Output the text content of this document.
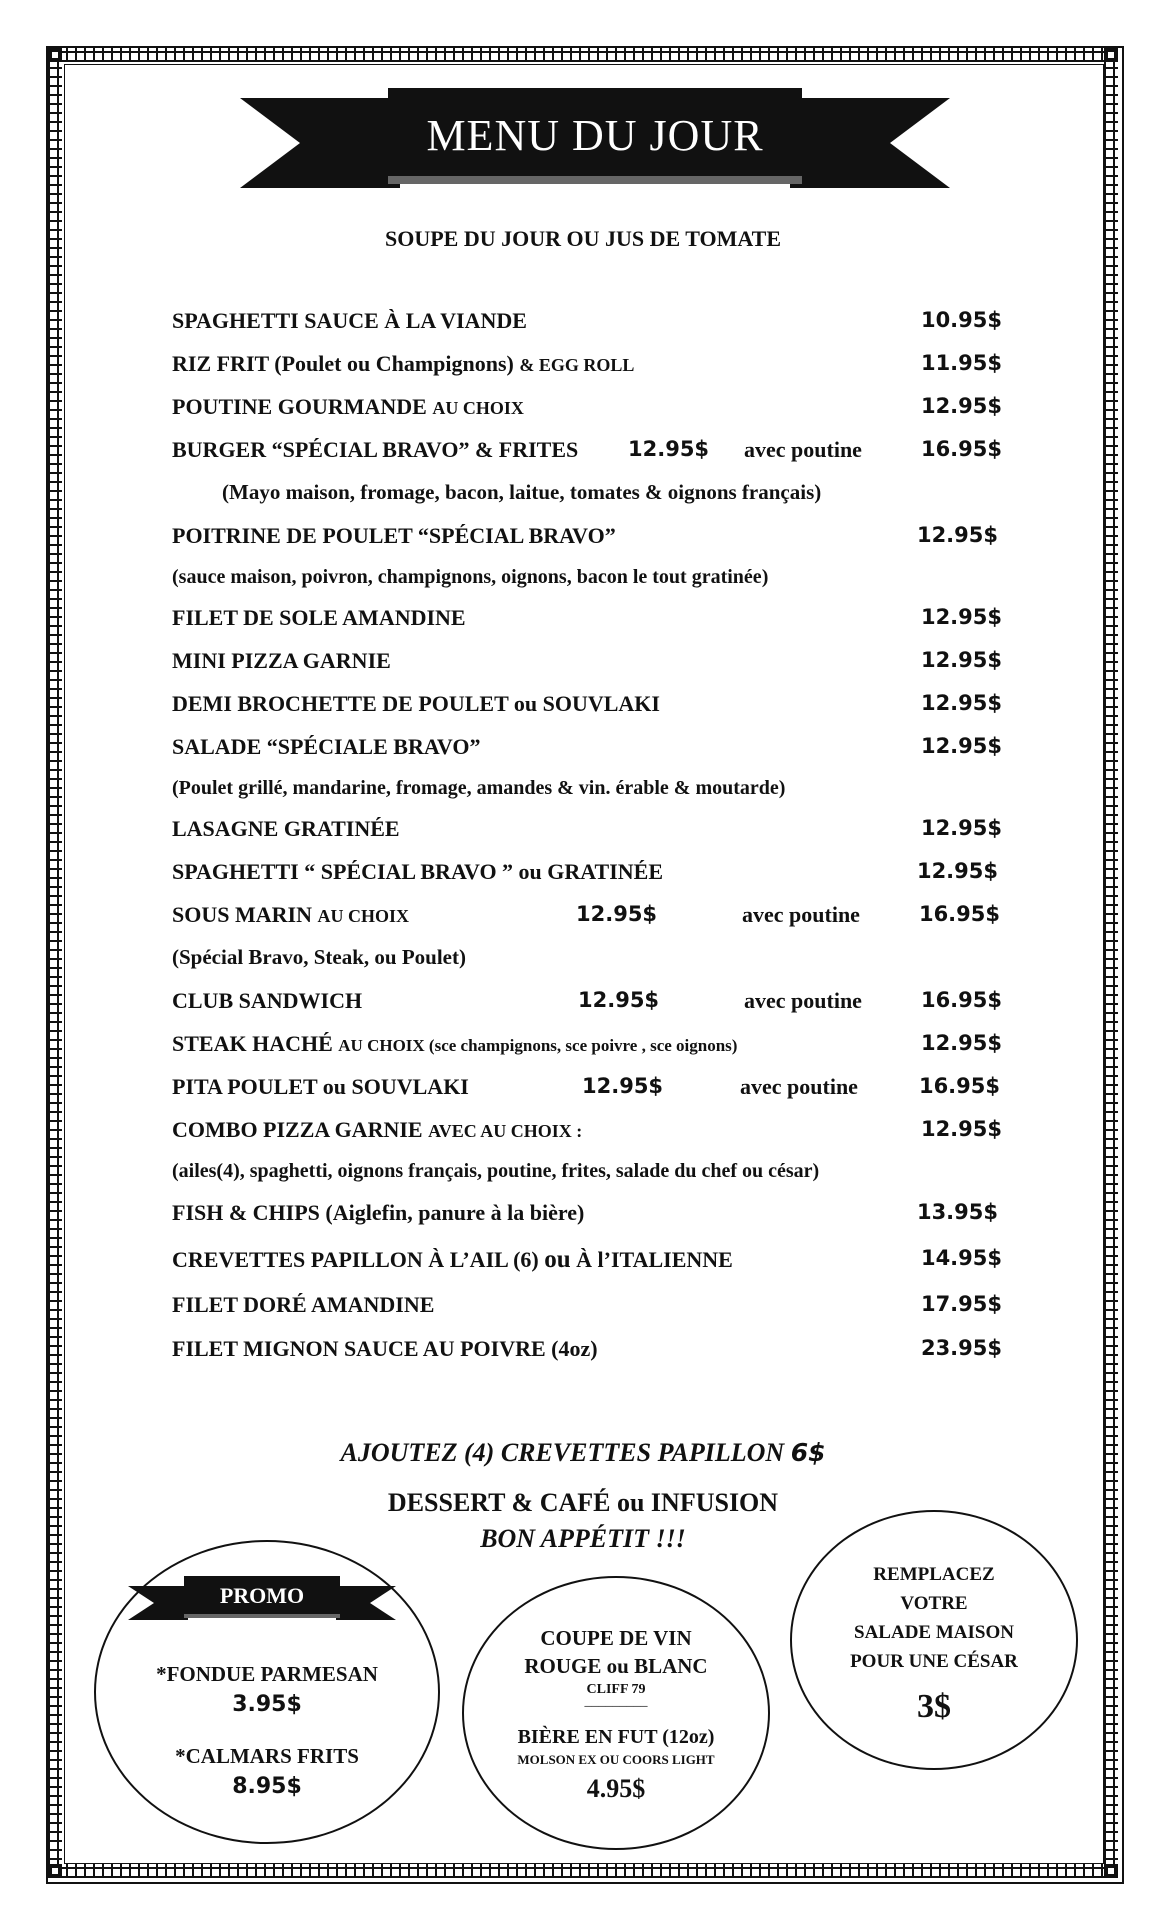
MENU DU JOUR
SOUPE DU JOUR OU JUS DE TOMATE
SPAGHETTI SAUCE À LA VIANDE	10.95$
RIZ FRIT (Poulet ou Champignons) & EGG ROLL	11.95$
POUTINE GOURMANDE AU CHOIX	12.95$
BURGER “SPÉCIAL BRAVO” & FRITES 12.95$ avec poutine	16.95$
(Mayo maison, fromage, bacon, laitue, tomates & oignons français)
POITRINE DE POULET “SPÉCIAL BRAVO”	12.95$
(sauce maison, poivron, champignons, oignons, bacon le tout gratinée)
FILET DE SOLE AMANDINE	12.95$
MINI PIZZA GARNIE	12.95$
DEMI BROCHETTE DE POULET ou SOUVLAKI	12.95$
SALADE “SPÉCIALE BRAVO”	12.95$
(Poulet grillé, mandarine, fromage, amandes & vin. érable & moutarde)
LASAGNE GRATINÉE	12.95$
SPAGHETTI “ SPÉCIAL BRAVO ” ou GRATINÉE	12.95$
SOUS MARIN AU CHOIX	12.95$	avec poutine	16.95$
(Spécial Bravo, Steak, ou Poulet)
CLUB SANDWICH	12.95$	avec poutine	16.95$
STEAK HACHÉ AU CHOIX (sce champignons, sce poivre , sce oignons)	12.95$
PITA POULET ou SOUVLAKI	12.95$	avec poutine	16.95$
COMBO PIZZA GARNIE AVEC AU CHOIX :	12.95$
(ailes(4), spaghetti, oignons français, poutine, frites, salade du chef ou césar)
FISH & CHIPS (Aiglefin, panure à la bière)	13.95$
CREVETTES PAPILLON À L’AIL (6) ou À l’ITALIENNE	14.95$
FILET DORÉ AMANDINE	17.95$
FILET MIGNON SAUCE AU POIVRE (4oz)	23.95$
AJOUTEZ (4) CREVETTES PAPILLON 6$
DESSERT & CAFÉ ou INFUSION
BON APPÉTIT !!!
*FONDUE PARMESAN
3.95$
*CALMARS FRITS
8.95$
PROMO
COUPE DE VIN
ROUGE ou BLANC
CLIFF 79
_________
BIÈRE EN FUT (12oz)
MOLSON EX OU COORS LIGHT
4.95$
REMPLACEZ
VOTRE
SALADE MAISON
POUR UNE CÉSAR
3$
